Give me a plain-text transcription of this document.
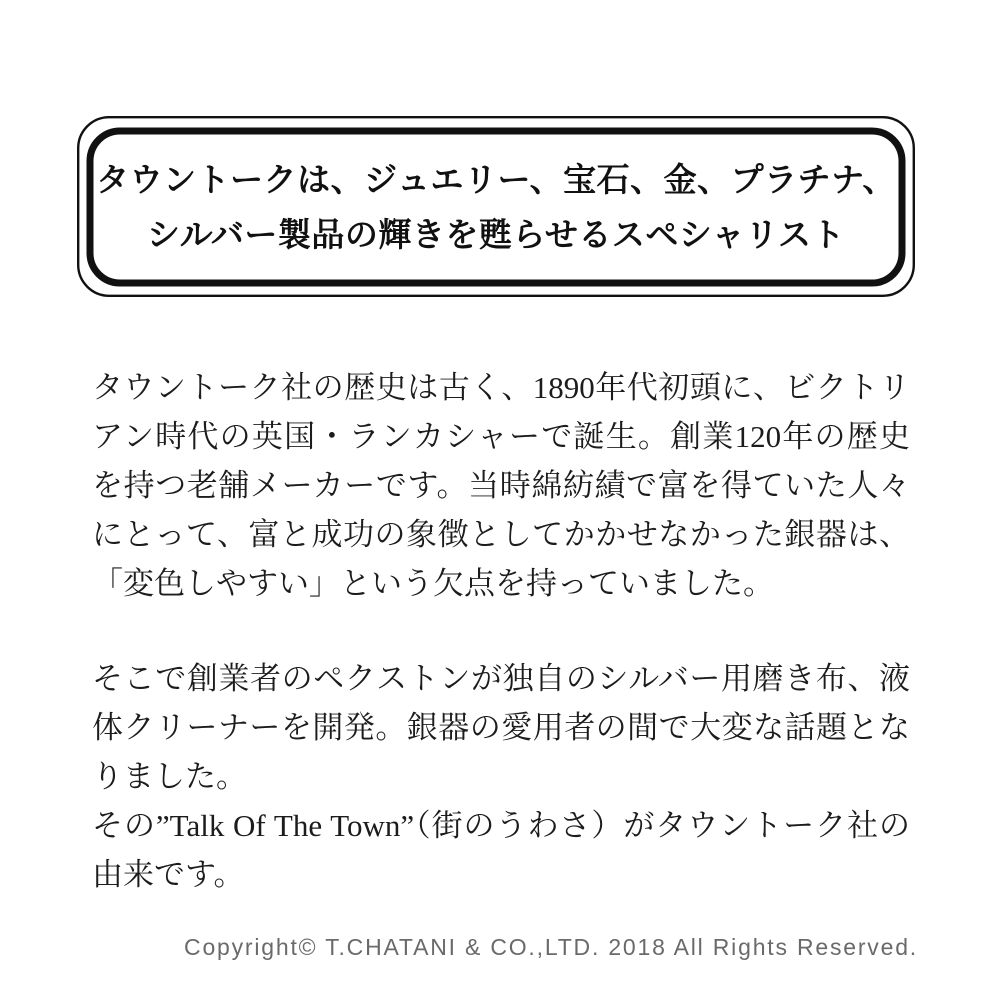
タウントークは、ジュエリー、宝石、金、プラチナ、
シルバー製品の輝きを甦らせるスペシャリスト

タウントーク社の歴史は古く、1890年代初頭に、ビクトリアン時代の英国・ランカシャーで誕生。創業120年の歴史を持つ老舗メーカーです。当時綿紡績で富を得ていた人々にとって、富と成功の象徴としてかかせなかった銀器は、「変色しやすい」という欠点を持っていました。

そこで創業者のペクストンが独自のシルバー用磨き布、液体クリーナーを開発。銀器の愛用者の間で大変な話題となりました。
その”Talk Of The Town”（街のうわさ）がタウントーク社の由来です。

Copyright© T.CHATANI & CO.,LTD. 2018 All Rights Reserved.
